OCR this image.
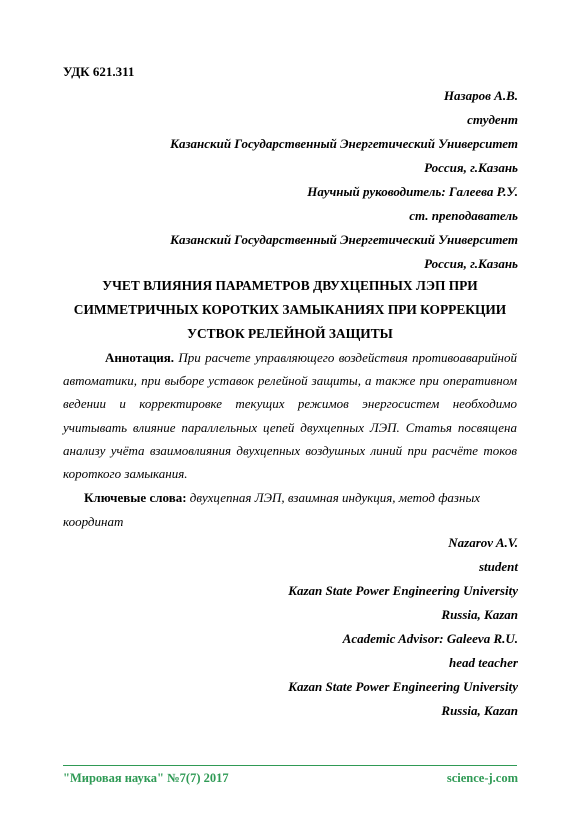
УДК 621.311
Назаров А.В.
студент
Казанский Государственный Энергетический Университет
Россия, г.Казань
Научный руководитель: Галеева Р.У.
ст. преподаватель
Казанский Государственный Энергетический Университет
Россия, г.Казань
УЧЕТ ВЛИЯНИЯ ПАРАМЕТРОВ ДВУХЦЕПНЫХ ЛЭП ПРИ
СИММЕТРИЧНЫХ КОРОТКИХ ЗАМЫКАНИЯХ ПРИ КОРРЕКЦИИ
УСТВОК РЕЛЕЙНОЙ ЗАЩИТЫ
Аннотация. При расчете управляющего воздействия противоаварийной автоматики, при выборе уставок релейной защиты, а также при оперативном ведении и корректировке текущих режимов энергосистем необходимо учитывать влияние параллельных цепей двухцепных ЛЭП. Статья посвящена анализу учёта взаимовлияния двухцепных воздушных линий при расчёте токов короткого замыкания.
Ключевые слова: двухцепная ЛЭП, взаимная индукция, метод фазных координат
Nazarov A.V.
student
Kazan State Power Engineering University
Russia, Kazan
Academic Advisor: Galeeva R.U.
head teacher
Kazan State Power Engineering University
Russia, Kazan
"Мировая наука" №7(7) 2017	science-j.com
